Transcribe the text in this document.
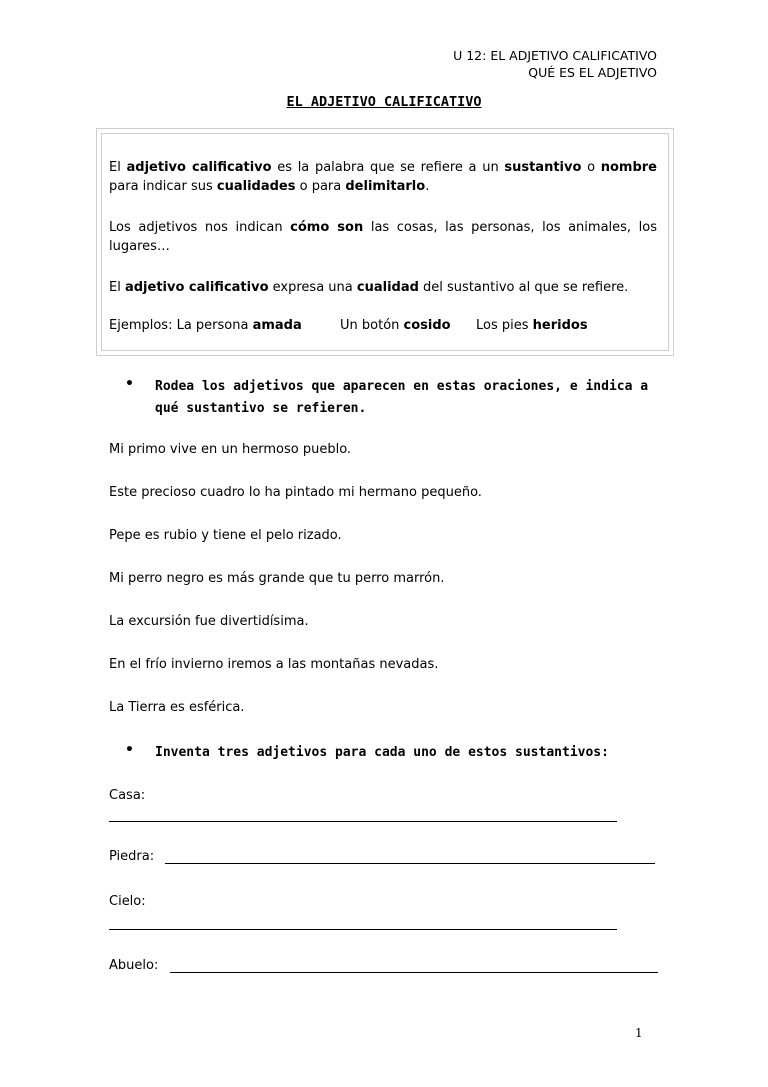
U 12: EL ADJETIVO CALIFICATIVO
QUÉ ES EL ADJETIVO
EL ADJETIVO CALIFICATIVO

El adjetivo calificativo es la palabra que se refiere a un sustantivo o nombre para indicar sus cualidades o para delimitarlo.

Los adjetivos nos indican cómo son las cosas, las personas, los animales, los lugares…

El adjetivo calificativo expresa una cualidad del sustantivo al que se refiere.

Ejemplos: La persona amada	Un botón cosido Los pies heridos
• Rodea los adjetivos que aparecen en estas oraciones, e indica a qué sustantivo se refieren.
Mi primo vive en un hermoso pueblo.
Este precioso cuadro lo ha pintado mi hermano pequeño.
Pepe es rubio y tiene el pelo rizado.
Mi perro negro es más grande que tu perro marrón.
La excursión fue divertidísima.
En el frío invierno iremos a las montañas nevadas.
La Tierra es esférica.
• Inventa tres adjetivos para cada uno de estos sustantivos:
Casa:
Piedra:
Cielo:
Abuelo:
1
